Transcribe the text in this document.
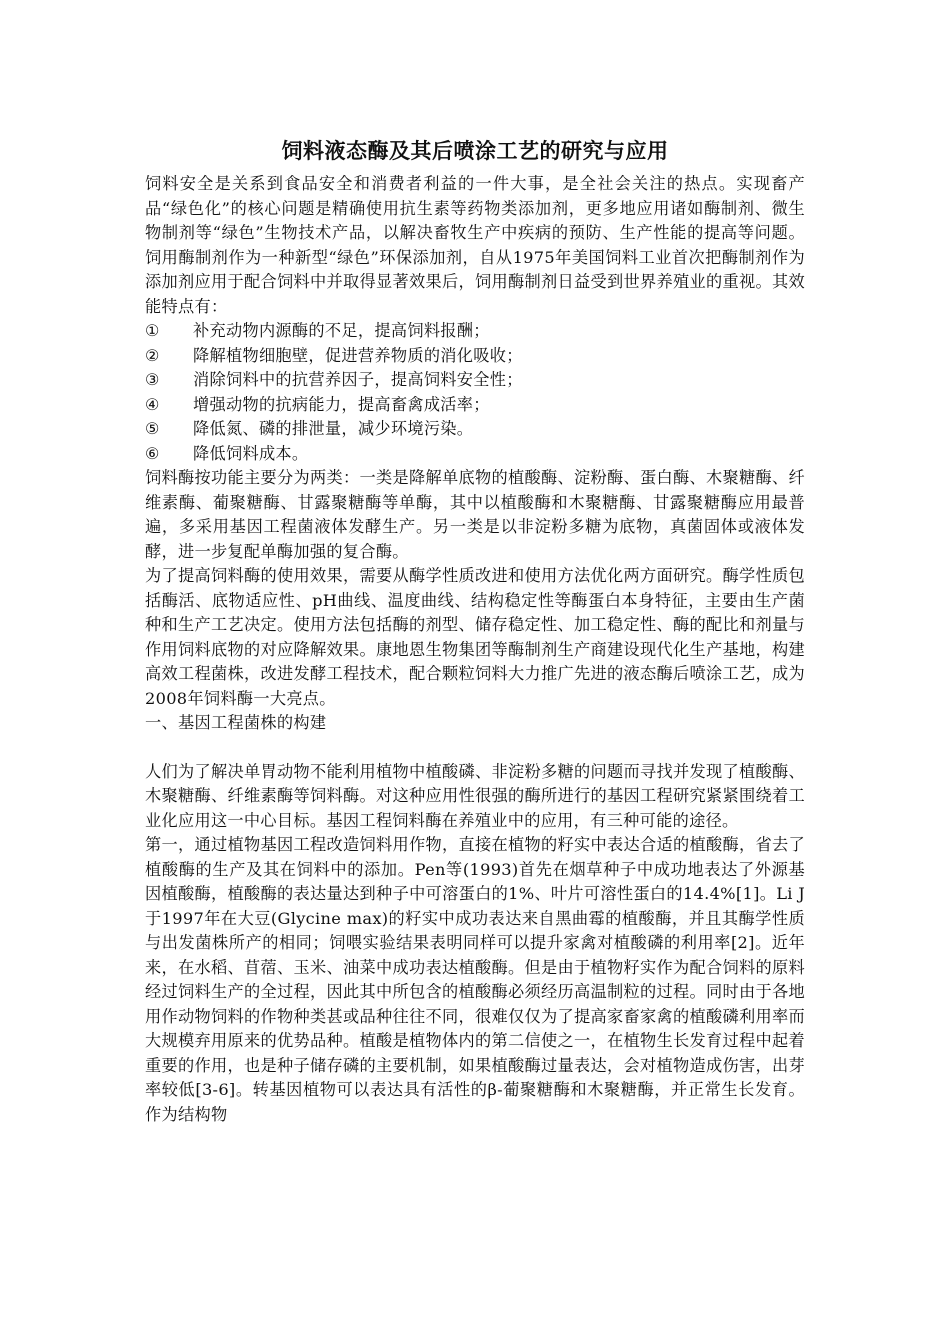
饲料液态酶及其后喷涂工艺的研究与应用

饲料安全是关系到食品安全和消费者利益的一件大事，是全社会关注的热点。实现畜产品“绿色化”的核心问题是精确使用抗生素等药物类添加剂，更多地应用诸如酶制剂、微生物制剂等“绿色”生物技术产品，以解决畜牧生产中疾病的预防、生产性能的提高等问题。饲用酶制剂作为一种新型“绿色”环保添加剂，自从1975年美国饲料工业首次把酶制剂作为添加剂应用于配合饲料中并取得显著效果后，饲用酶制剂日益受到世界养殖业的重视。其效能特点有：

①	补充动物内源酶的不足，提高饲料报酬；
②	降解植物细胞壁，促进营养物质的消化吸收；
③	消除饲料中的抗营养因子，提高饲料安全性；
④	增强动物的抗病能力，提高畜禽成活率；
⑤	降低氮、磷的排泄量，减少环境污染。
⑥	降低饲料成本。

饲料酶按功能主要分为两类：一类是降解单底物的植酸酶、淀粉酶、蛋白酶、木聚糖酶、纤维素酶、葡聚糖酶、甘露聚糖酶等单酶，其中以植酸酶和木聚糖酶、甘露聚糖酶应用最普遍，多采用基因工程菌液体发酵生产。另一类是以非淀粉多糖为底物，真菌固体或液体发酵，进一步复配单酶加强的复合酶。

为了提高饲料酶的使用效果，需要从酶学性质改进和使用方法优化两方面研究。酶学性质包括酶活、底物适应性、pH曲线、温度曲线、结构稳定性等酶蛋白本身特征，主要由生产菌种和生产工艺决定。使用方法包括酶的剂型、储存稳定性、加工稳定性、酶的配比和剂量与作用饲料底物的对应降解效果。康地恩生物集团等酶制剂生产商建设现代化生产基地，构建高效工程菌株，改进发酵工程技术，配合颗粒饲料大力推广先进的液态酶后喷涂工艺，成为2008年饲料酶一大亮点。

一、基因工程菌株的构建

人们为了解决单胃动物不能利用植物中植酸磷、非淀粉多糖的问题而寻找并发现了植酸酶、木聚糖酶、纤维素酶等饲料酶。对这种应用性很强的酶所进行的基因工程研究紧紧围绕着工业化应用这一中心目标。基因工程饲料酶在养殖业中的应用，有三种可能的途径。

第一，通过植物基因工程改造饲料用作物，直接在植物的籽实中表达合适的植酸酶，省去了植酸酶的生产及其在饲料中的添加。Pen等(1993)首先在烟草种子中成功地表达了外源基因植酸酶，植酸酶的表达量达到种子中可溶蛋白的1%、叶片可溶性蛋白的14.4%[1]。Li J于1997年在大豆(Glycine max)的籽实中成功表达来自黑曲霉的植酸酶，并且其酶学性质与出发菌株所产的相同；饲喂实验结果表明同样可以提升家禽对植酸磷的利用率[2]。近年来，在水稻、苜蓿、玉米、油菜中成功表达植酸酶。但是由于植物籽实作为配合饲料的原料经过饲料生产的全过程，因此其中所包含的植酸酶必须经历高温制粒的过程。同时由于各地用作动物饲料的作物种类甚或品种往往不同，很难仅仅为了提高家畜家禽的植酸磷利用率而大规模弃用原来的优势品种。植酸是植物体内的第二信使之一，在植物生长发育过程中起着重要的作用，也是种子储存磷的主要机制，如果植酸酶过量表达，会对植物造成伤害，出芽率较低[3-6]。转基因植物可以表达具有活性的β-葡聚糖酶和木聚糖酶，并正常生长发育。作为结构物
